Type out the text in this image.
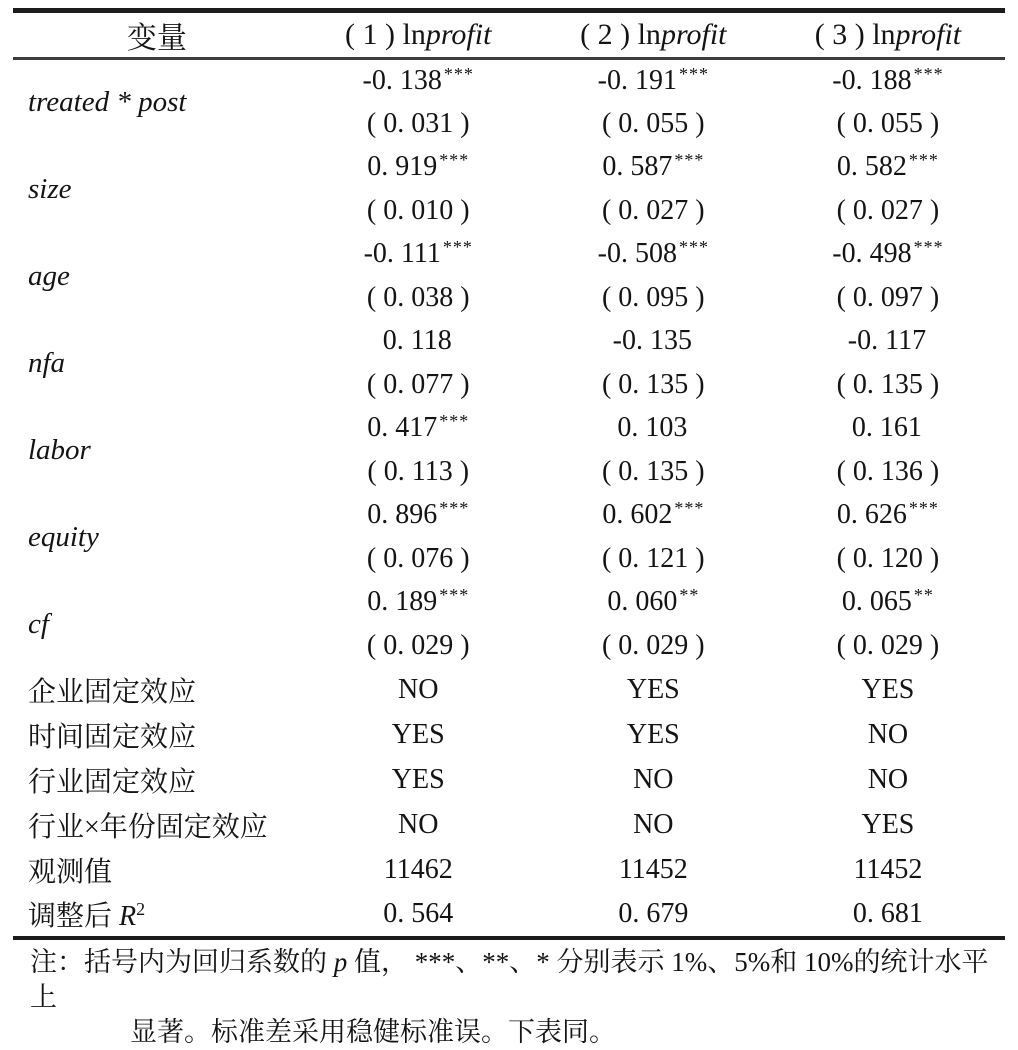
变量	( 1 ) lnprofit	( 2 ) lnprofit	( 3 ) lnprofit
treated * post	-0. 138 ***	-0. 191 ***	-0. 188 ***
	( 0. 031 )	( 0. 055 )	( 0. 055 )
size	0. 919 ***	0. 587 ***	0. 582 ***
	( 0. 010 )	( 0. 027 )	( 0. 027 )
age	-0. 111 ***	-0. 508 ***	-0. 498 ***
	( 0. 038 )	( 0. 095 )	( 0. 097 )
nfa	0. 118	-0. 135	-0. 117
	( 0. 077 )	( 0. 135 )	( 0. 135 )
labor	0. 417 ***	0. 103	0. 161
	( 0. 113 )	( 0. 135 )	( 0. 136 )
equity	0. 896 ***	0. 602 ***	0. 626 ***
	( 0. 076 )	( 0. 121 )	( 0. 120 )
cf	0. 189 ***	0. 060 **	0. 065 **
	( 0. 029 )	( 0. 029 )	( 0. 029 )
企业固定效应	NO	YES	YES
时间固定效应	YES	YES	NO
行业固定效应	YES	NO	NO
行业×年份固定效应	NO	NO	YES
观测值	11462	11452	11452
调整后 $R^2$	0. 564	0. 679	0. 681
注：括号内为回归系数的 p 值， ***、**、* 分别表示 1%、5%和 10%的统计水平上
显著。标准差采用稳健标准误。下表同。
